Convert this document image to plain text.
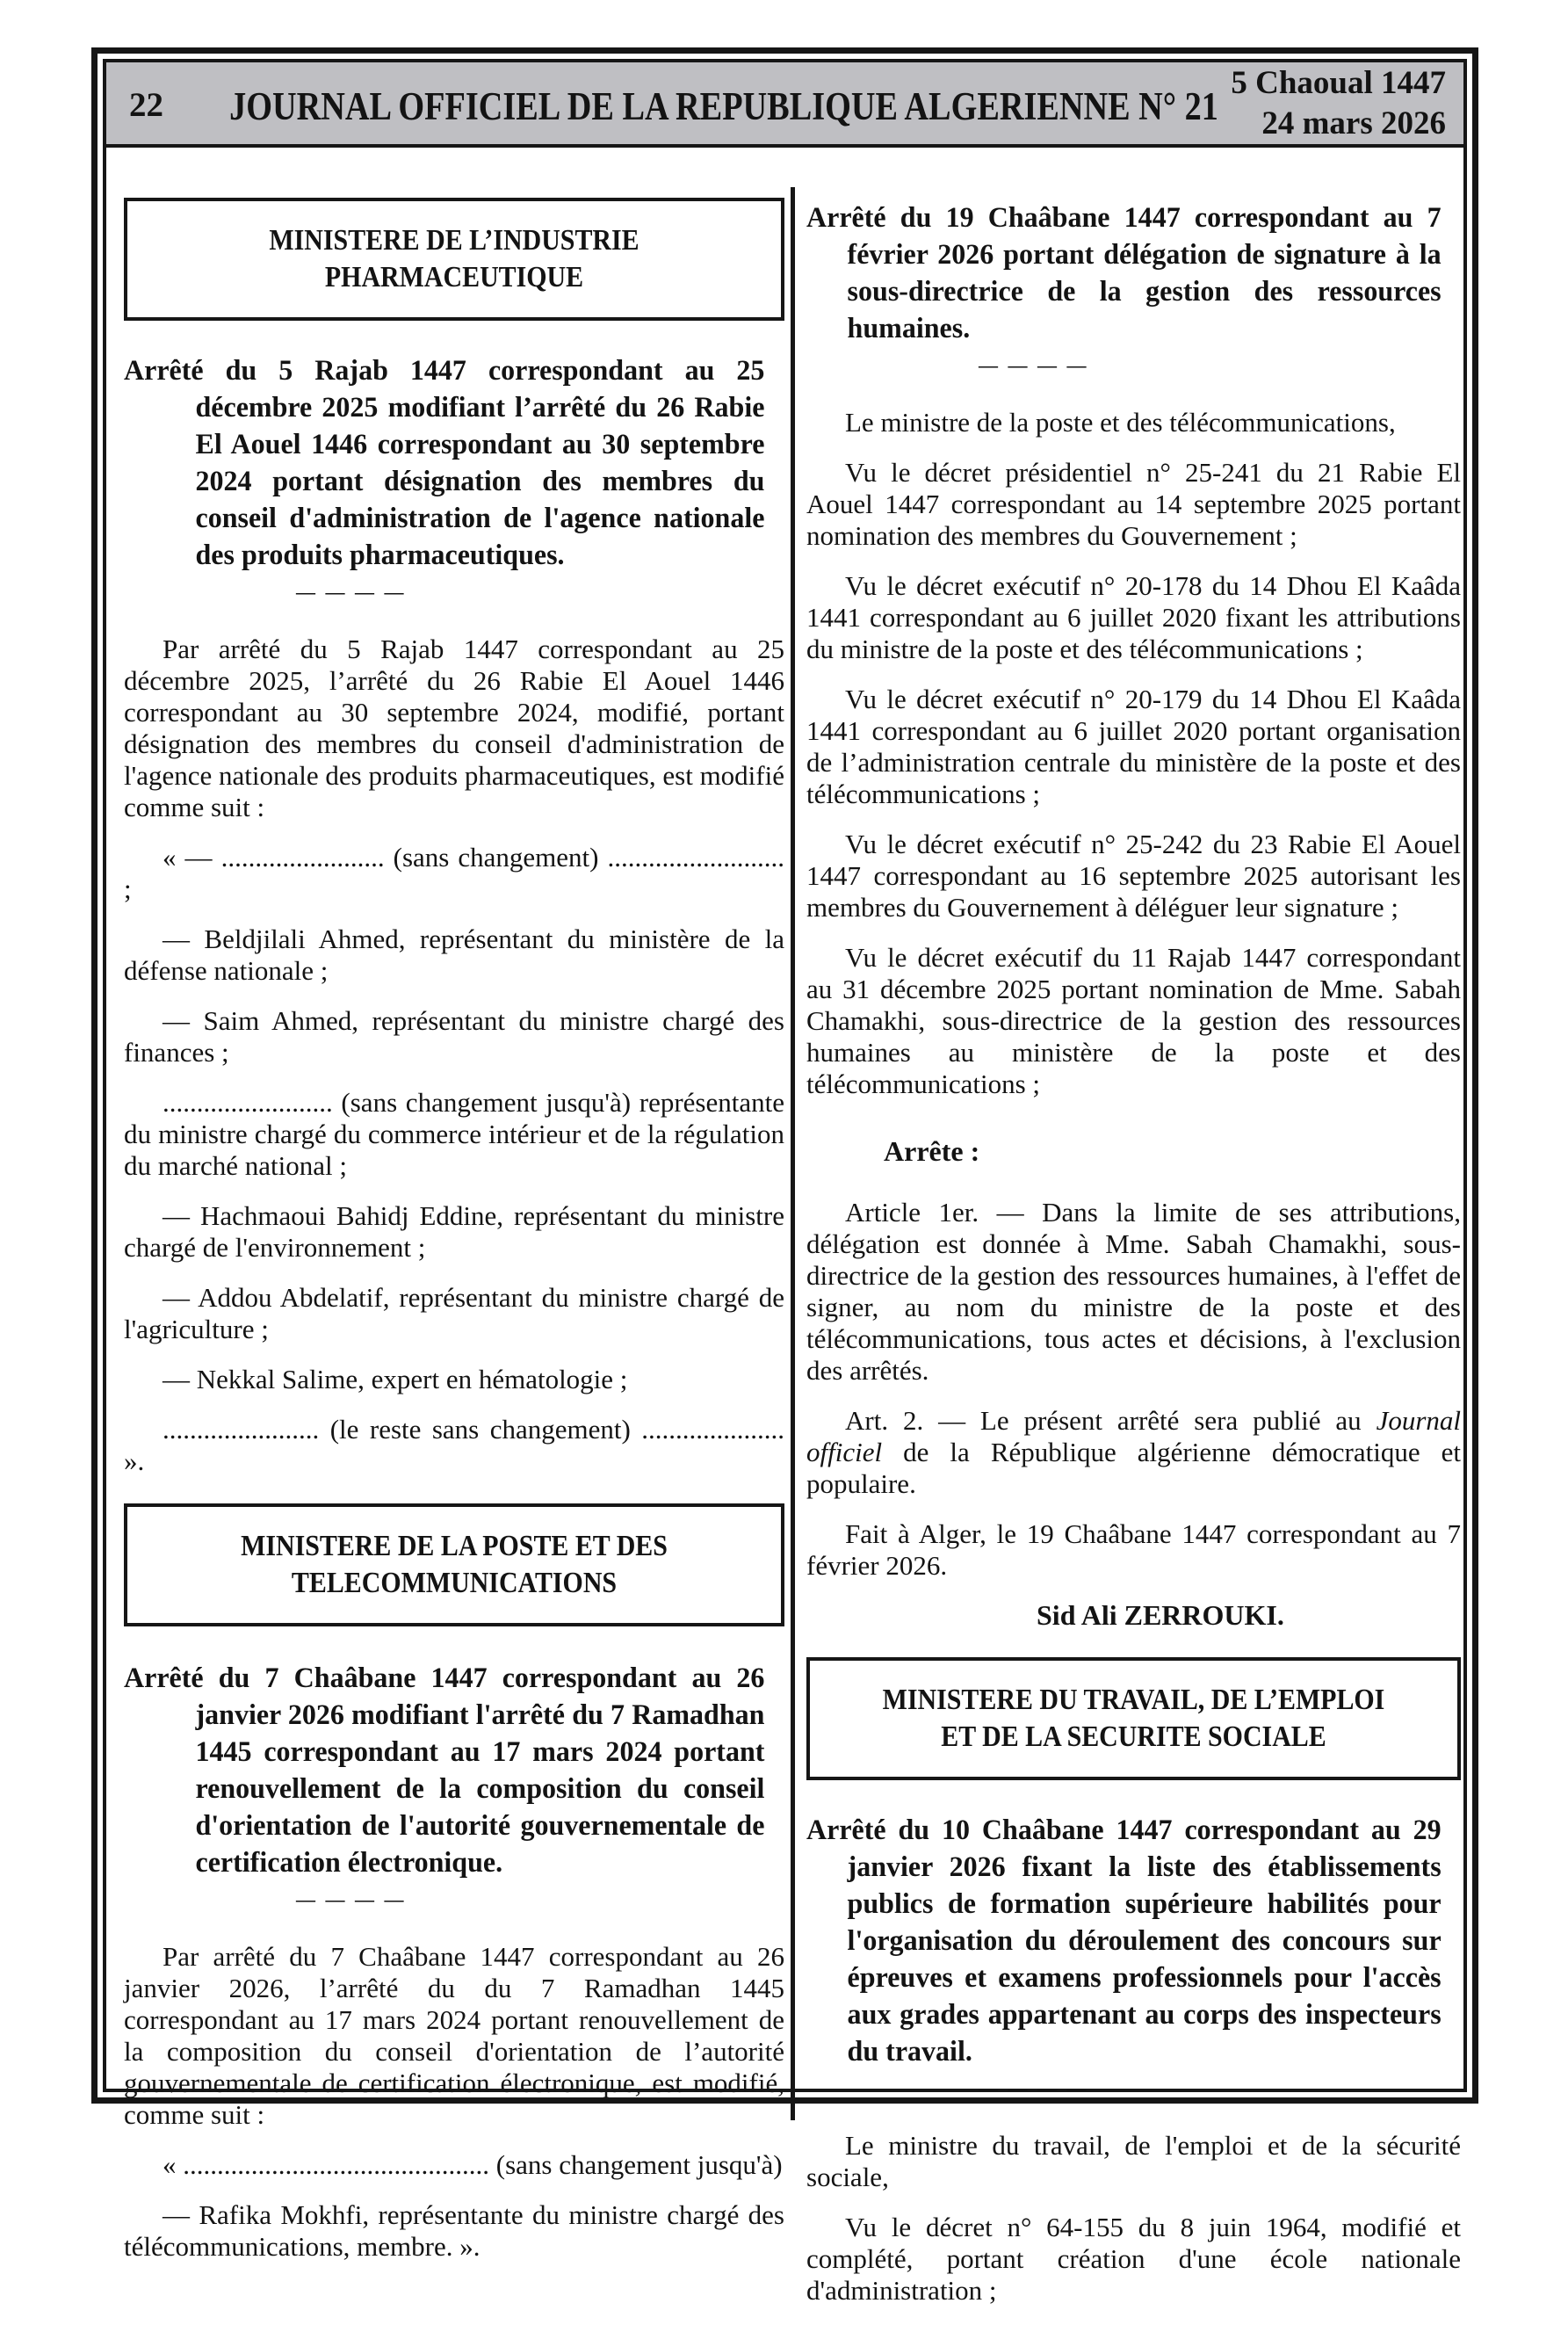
22 JOURNAL OFFICIEL DE LA REPUBLIQUE ALGERIENNE N° 21
5 Chaoual 1447
24 mars 2026
MINISTERE DE L’INDUSTRIE
PHARMACEUTIQUE

Arrêté du 5 Rajab 1447 correspondant au 25 décembre 2025 modifiant l’arrêté du 26 Rabie El Aouel 1446 correspondant au 30 septembre 2024 portant désignation des membres du conseil d'administration de l'agence nationale des produits pharmaceutiques.

— — — —

Par arrêté du 5 Rajab 1447 correspondant au 25 décembre 2025, l’arrêté du 26 Rabie El Aouel 1446 correspondant au 30 septembre 2024, modifié, portant désignation des membres du conseil d'administration de l'agence nationale des produits pharmaceutiques, est modifié comme suit :

« — ........................ (sans changement) .......................... ;

— Beldjilali Ahmed, représentant du ministère de la défense nationale ;

— Saim Ahmed, représentant du ministre chargé des finances ;

......................... (sans changement jusqu'à) représentante du ministre chargé du commerce intérieur et de la régulation du marché national ;

— Hachmaoui Bahidj Eddine, représentant du ministre chargé de l'environnement ;

— Addou Abdelatif, représentant du ministre chargé de l'agriculture ;

— Nekkal Salime, expert en hématologie ;

....................... (le reste sans changement) ..................... ».

MINISTERE DE LA POSTE ET DES
TELECOMMUNICATIONS

Arrêté du 7 Chaâbane 1447 correspondant au 26 janvier 2026 modifiant l'arrêté du 7 Ramadhan 1445 correspondant au 17 mars 2024 portant renouvellement de la composition du conseil d'orientation de l'autorité gouvernementale de certification électronique.

— — — —

Par arrêté du 7 Chaâbane 1447 correspondant au 26 janvier 2026, l’arrêté du du 7 Ramadhan 1445 correspondant au 17 mars 2024 portant renouvellement de la composition du conseil d'orientation de l’autorité gouvernementale de certification électronique, est modifié, comme suit :

« ............................................. (sans changement jusqu'à)

— Rafika Mokhfi, représentante du ministre chargé des télécommunications, membre. ».

Arrêté du 19 Chaâbane 1447 correspondant au 7 février 2026 portant délégation de signature à la sous-directrice de la gestion des ressources humaines.

— — — —

Le ministre de la poste et des télécommunications,

Vu le décret présidentiel n° 25-241 du 21 Rabie El Aouel 1447 correspondant au 14 septembre 2025 portant nomination des membres du Gouvernement ;

Vu le décret exécutif n° 20-178 du 14 Dhou El Kaâda 1441 correspondant au 6 juillet 2020 fixant les attributions du ministre de la poste et des télécommunications ;

Vu le décret exécutif n° 20-179 du 14 Dhou El Kaâda 1441 correspondant au 6 juillet 2020 portant organisation de l’administration centrale du ministère de la poste et des télécommunications ;

Vu le décret exécutif n° 25-242 du 23 Rabie El Aouel 1447 correspondant au 16 septembre 2025 autorisant les membres du Gouvernement à déléguer leur signature ;

Vu le décret exécutif du 11 Rajab 1447 correspondant au 31 décembre 2025 portant nomination de Mme. Sabah Chamakhi, sous-directrice de la gestion des ressources humaines au ministère de la poste et des télécommunications ;

Arrête :

Article 1er. — Dans la limite de ses attributions, délégation est donnée à Mme. Sabah Chamakhi, sous-directrice de la gestion des ressources humaines, à l'effet de signer, au nom du ministre de la poste et des télécommunications, tous actes et décisions, à l'exclusion des arrêtés.

Art. 2. — Le présent arrêté sera publié au Journal officiel de la République algérienne démocratique et populaire.

Fait à Alger, le 19 Chaâbane 1447 correspondant au 7 février 2026.

Sid Ali ZERROUKI.

MINISTERE DU TRAVAIL, DE L’EMPLOI
ET DE LA SECURITE SOCIALE

Arrêté du 10 Chaâbane 1447 correspondant au 29 janvier 2026 fixant la liste des établissements publics de formation supérieure habilités pour l'organisation du déroulement des concours sur épreuves et examens professionnels pour l'accès aux grades appartenant au corps des inspecteurs du travail.

— — — —

Le ministre du travail, de l'emploi et de la sécurité sociale,

Vu le décret n° 64-155 du 8 juin 1964, modifié et complété, portant création d'une école nationale d'administration ;
